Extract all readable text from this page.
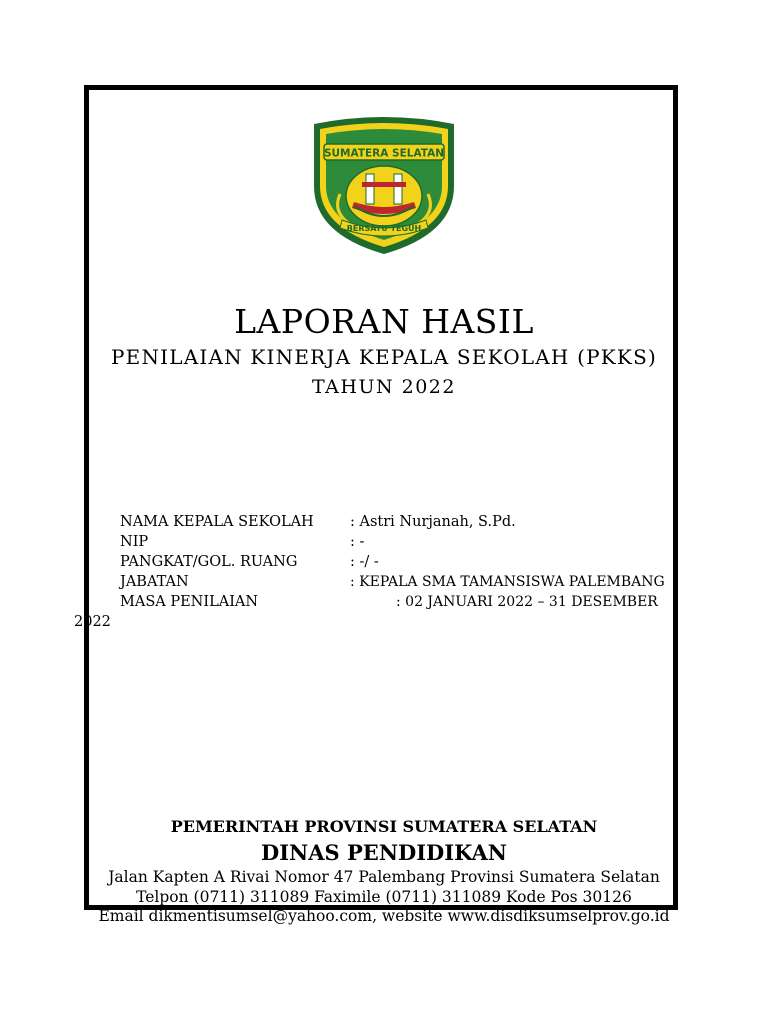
SUMATERA SELATAN
BERSATU TEGUH
LAPORAN HASIL
PENILAIAN KINERJA KEPALA SEKOLAH (PKKS)
TAHUN 2022
NAMA KEPALA SEKOLAH	: Astri Nurjanah, S.Pd.
NIP	: -
PANGKAT/GOL. RUANG	: -/ -
JABATAN	: KEPALA SMA TAMANSISWA PALEMBANG
MASA PENILAIAN	: 02 JANUARI 2022 – 31 DESEMBER
2022
PEMERINTAH PROVINSI SUMATERA SELATAN
DINAS PENDIDIKAN
Jalan Kapten A Rivai Nomor 47 Palembang Provinsi Sumatera Selatan
Telpon (0711) 311089 Faximile (0711) 311089 Kode Pos 30126
Email dikmentisumsel@yahoo.com, website www.disdiksumselprov.go.id
